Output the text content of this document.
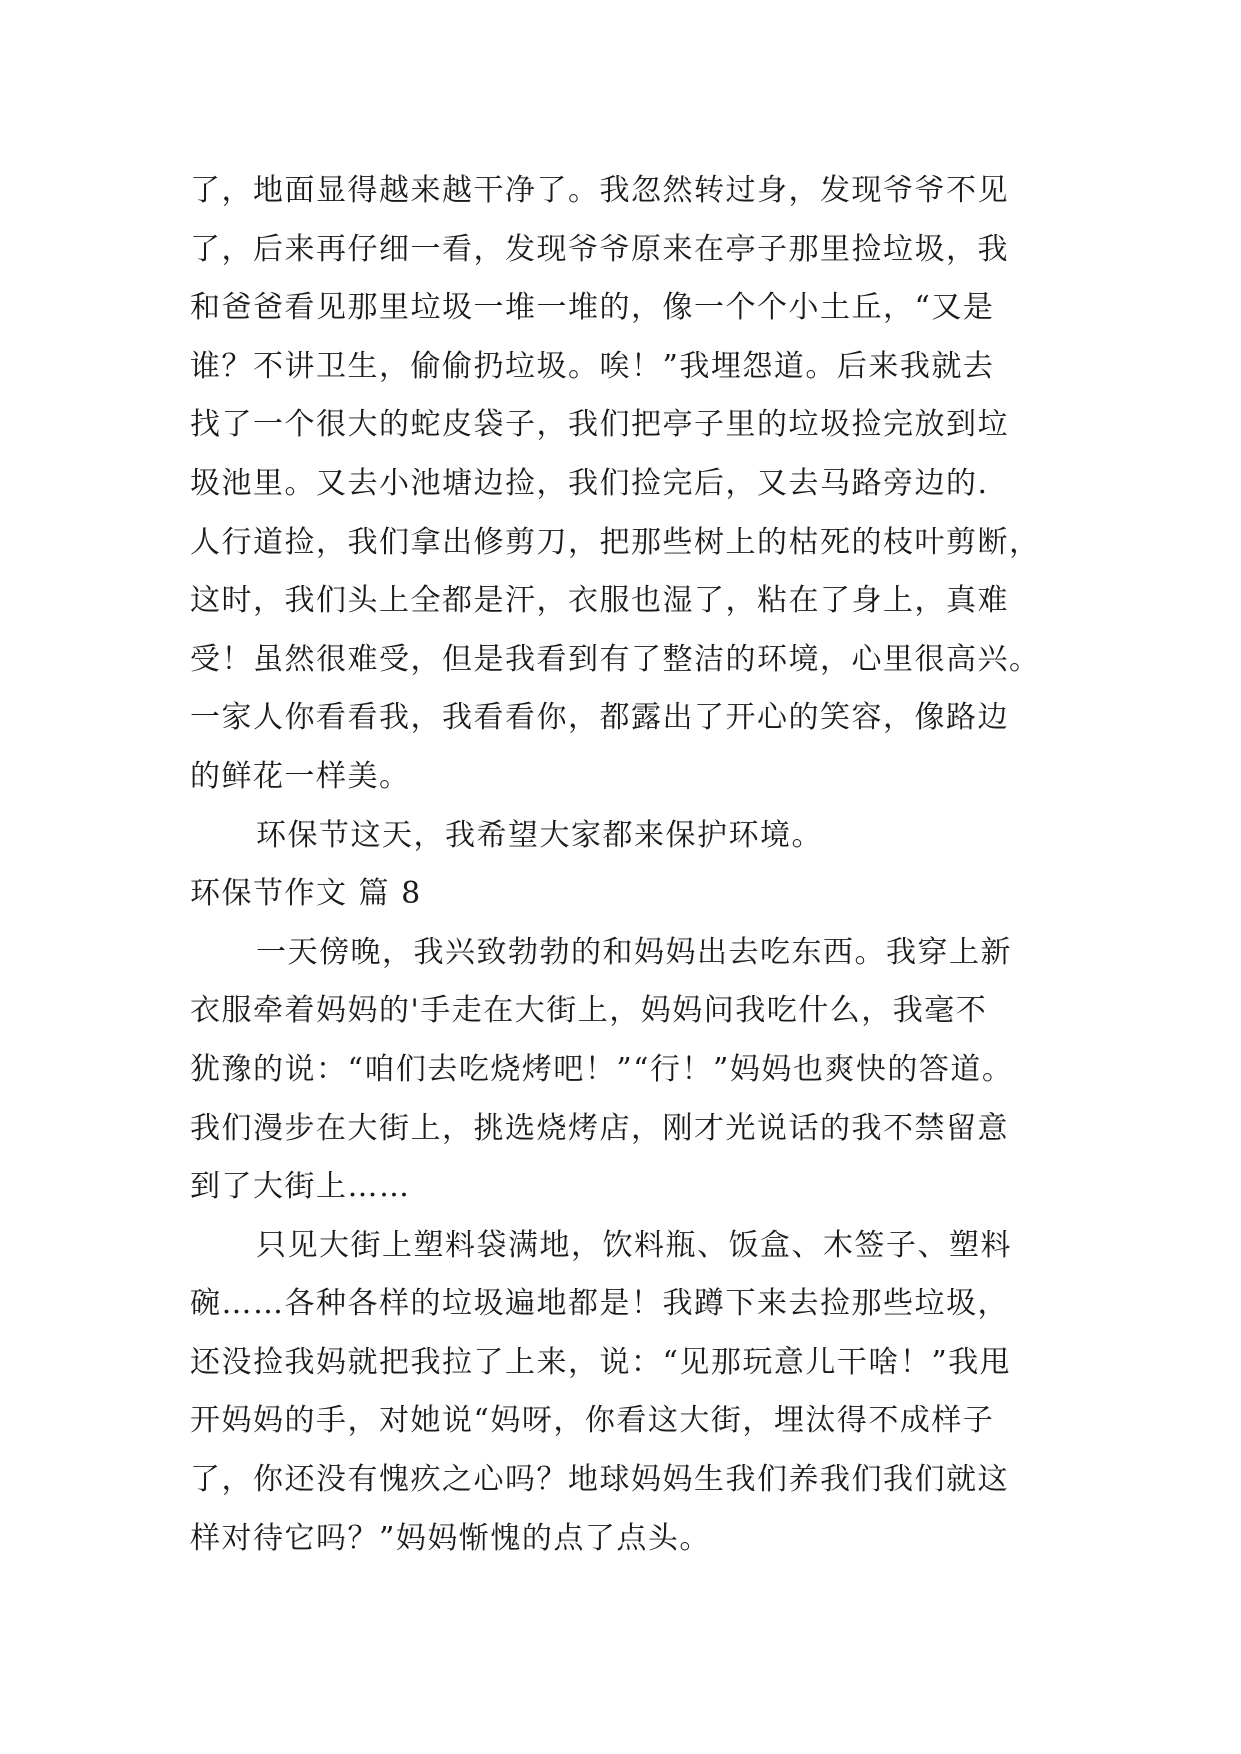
了，地面显得越来越干净了。我忽然转过身，发现爷爷不见
了，后来再仔细一看，发现爷爷原来在亭子那里捡垃圾，我
和爸爸看见那里垃圾一堆一堆的，像一个个小土丘，“又是
谁？不讲卫生，偷偷扔垃圾。唉！”我埋怨道。后来我就去
找了一个很大的蛇皮袋子，我们把亭子里的垃圾捡完放到垃
圾池里。又去小池塘边捡，我们捡完后，又去马路旁边的.
人行道捡，我们拿出修剪刀，把那些树上的枯死的枝叶剪断，
这时，我们头上全都是汗，衣服也湿了，粘在了身上，真难
受！虽然很难受，但是我看到有了整洁的环境，心里很高兴。
一家人你看看我，我看看你，都露出了开心的笑容，像路边
的鲜花一样美。
环保节这天，我希望大家都来保护环境。
环保节作文 篇 8
一天傍晚，我兴致勃勃的和妈妈出去吃东西。我穿上新
衣服牵着妈妈的'手走在大街上，妈妈问我吃什么，我毫不
犹豫的说：“咱们去吃烧烤吧！”“行！”妈妈也爽快的答道。
我们漫步在大街上，挑选烧烤店，刚才光说话的我不禁留意
到了大街上……
只见大街上塑料袋满地，饮料瓶、饭盒、木签子、塑料
碗……各种各样的垃圾遍地都是！我蹲下来去捡那些垃圾，
还没捡我妈就把我拉了上来，说：“见那玩意儿干啥！”我甩
开妈妈的手，对她说“妈呀，你看这大街，埋汰得不成样子
了，你还没有愧疚之心吗？地球妈妈生我们养我们我们就这
样对待它吗？”妈妈惭愧的点了点头。
